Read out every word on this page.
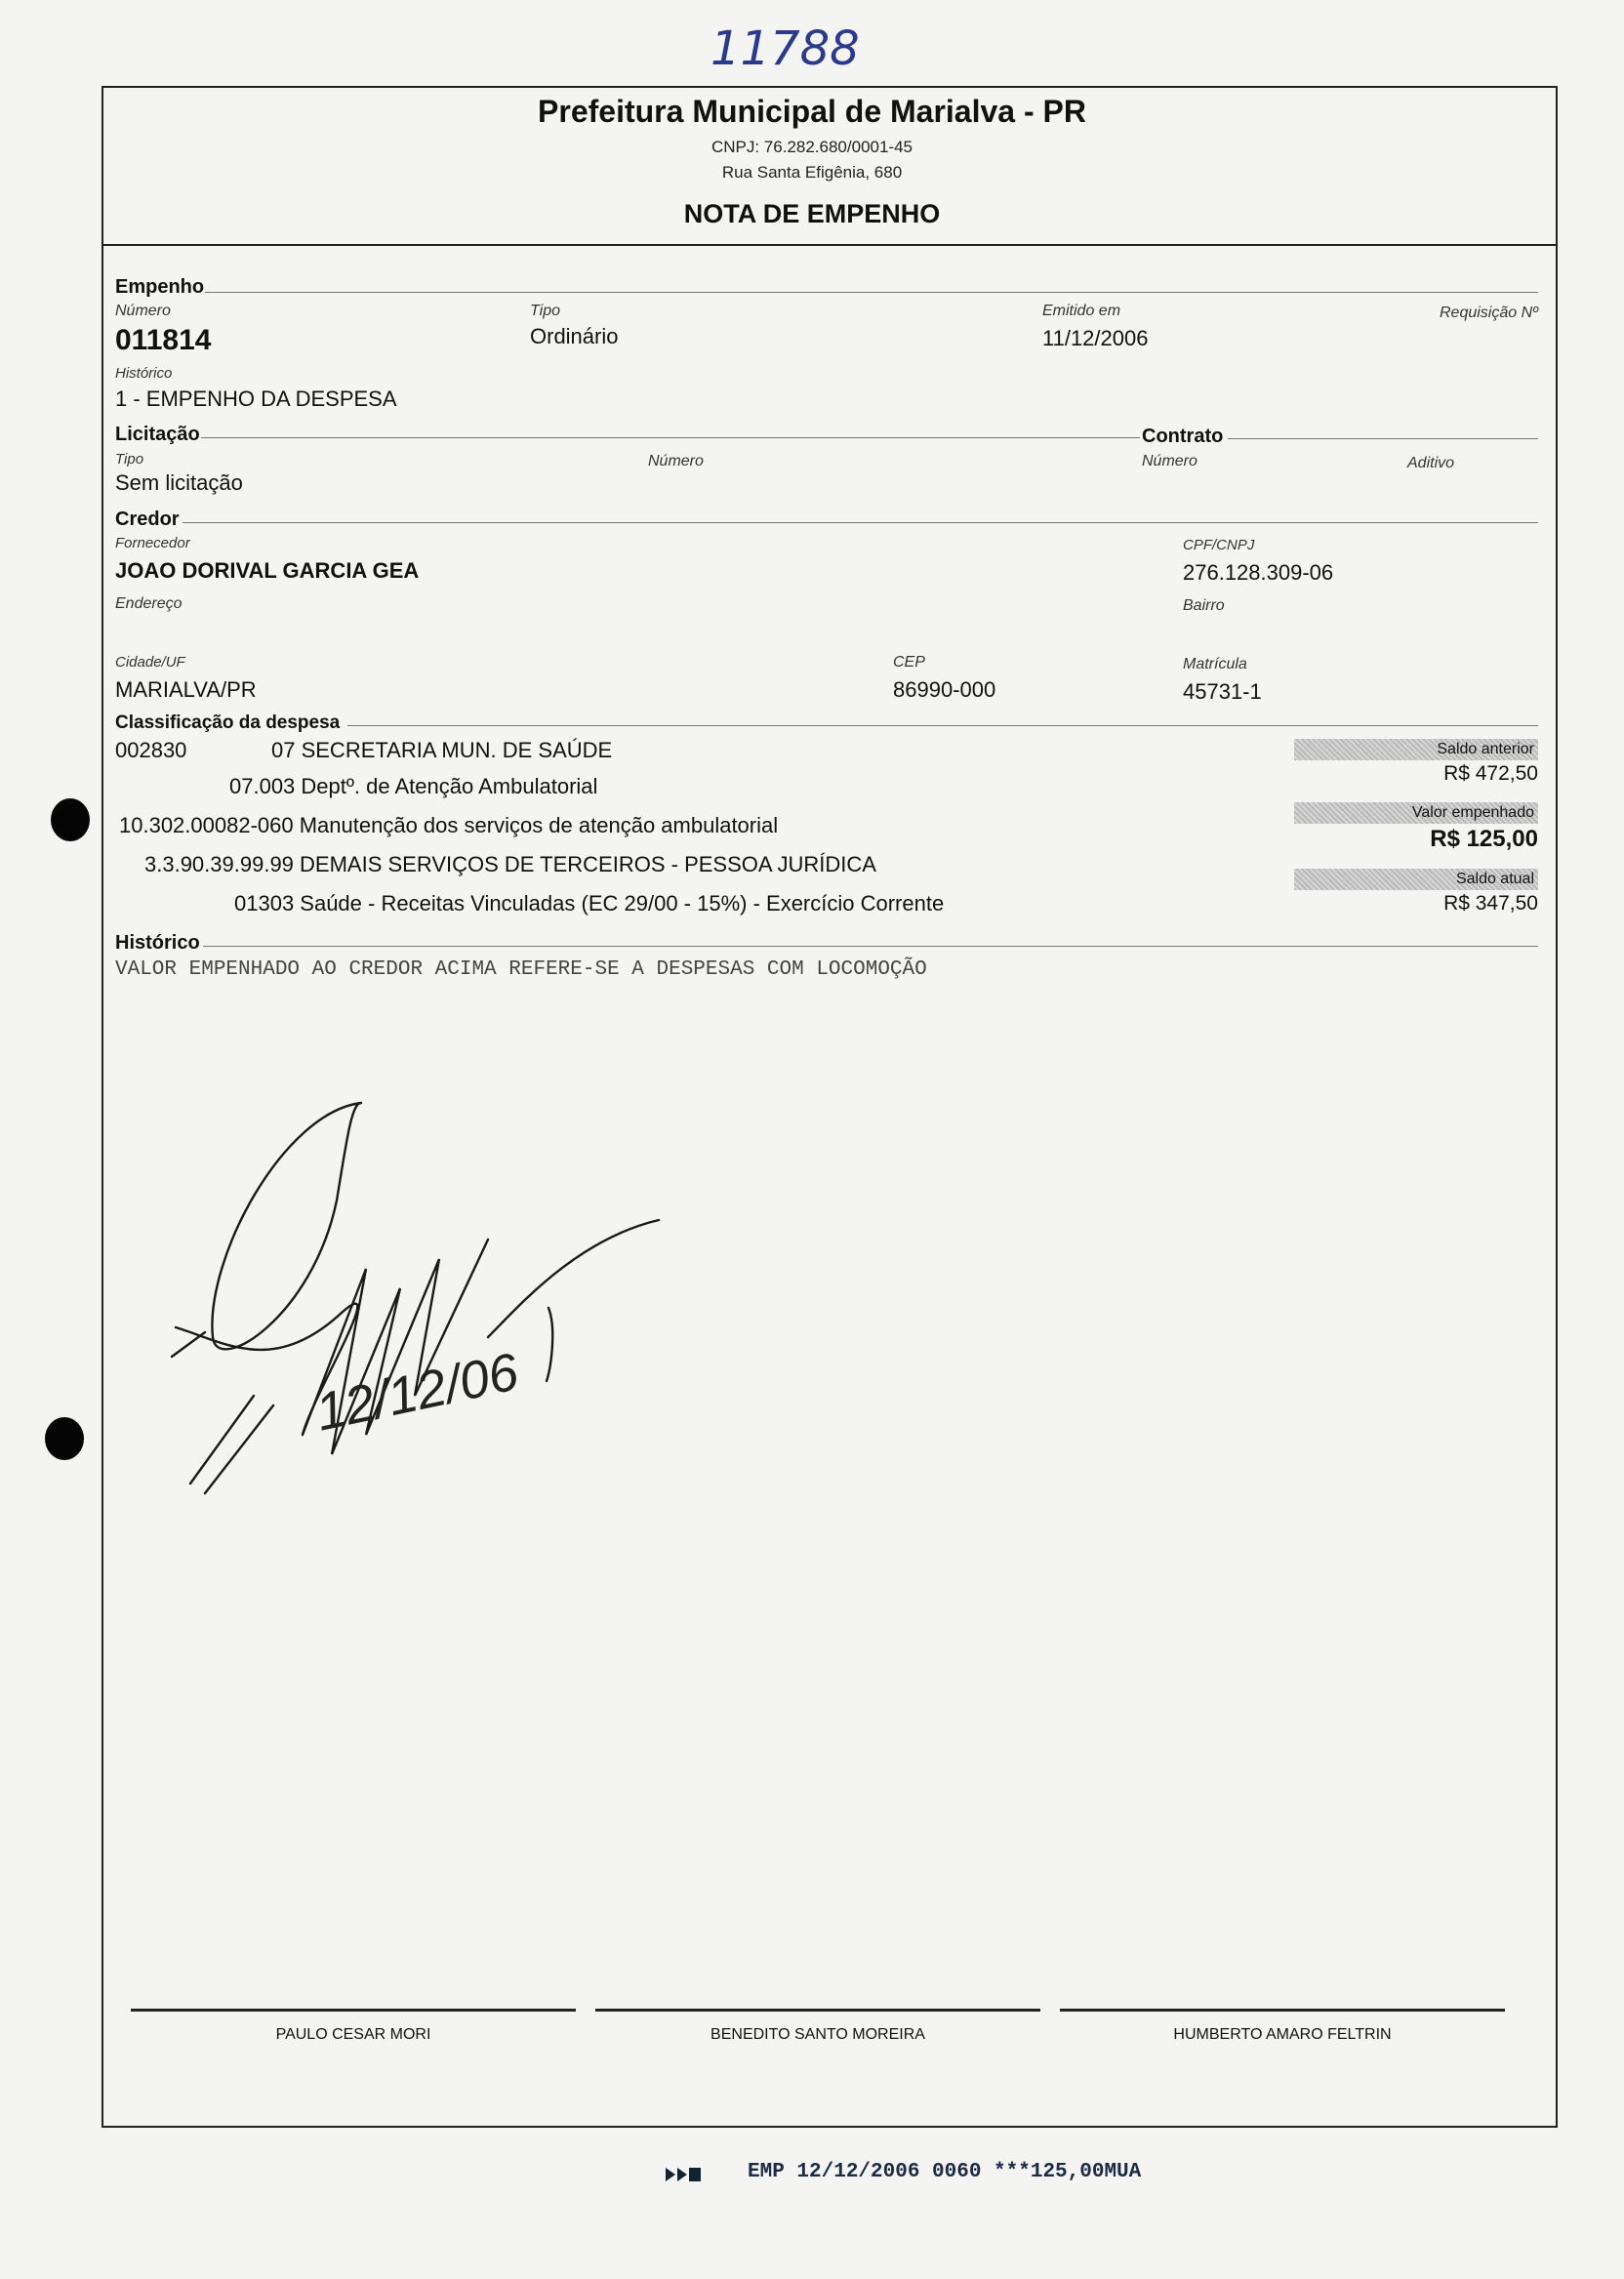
11788
Prefeitura Municipal de Marialva - PR
CNPJ: 76.282.680/0001-45
Rua Santa Efigênia, 680
NOTA DE EMPENHO
Empenho
Número
011814
Tipo
Ordinário
Emitido em
11/12/2006
Requisição Nº
Histórico
1 - EMPENHO DA DESPESA
Licitação	Contrato
Tipo
Sem licitação
Número	Número	Aditivo
Credor
Fornecedor
JOAO DORIVAL GARCIA GEA
CPF/CNPJ
276.128.309-06
Endereço	Bairro
Cidade/UF
MARIALVA/PR
CEP
86990-000
Matrícula
45731-1
Classificação da despesa
002830	07 SECRETARIA MUN. DE SAÚDE
07.003 Deptº. de Atenção Ambulatorial
10.302.00082-060 Manutenção dos serviços de atenção ambulatorial
3.3.90.39.99.99 DEMAIS SERVIÇOS DE TERCEIROS - PESSOA JURÍDICA
01303 Saúde - Receitas Vinculadas (EC 29/00 - 15%) - Exercício Corrente
Saldo anterior
R$ 472,50
Valor empenhado
R$ 125,00
Saldo atual
R$ 347,50
Histórico
VALOR EMPENHADO AO CREDOR ACIMA REFERE-SE A DESPESAS COM LOCOMOÇÃO
12/12/06
PAULO CESAR MORI	BENEDITO SANTO MOREIRA	HUMBERTO AMARO FELTRIN
EMP 12/12/2006 0060 ***125,00MUA
